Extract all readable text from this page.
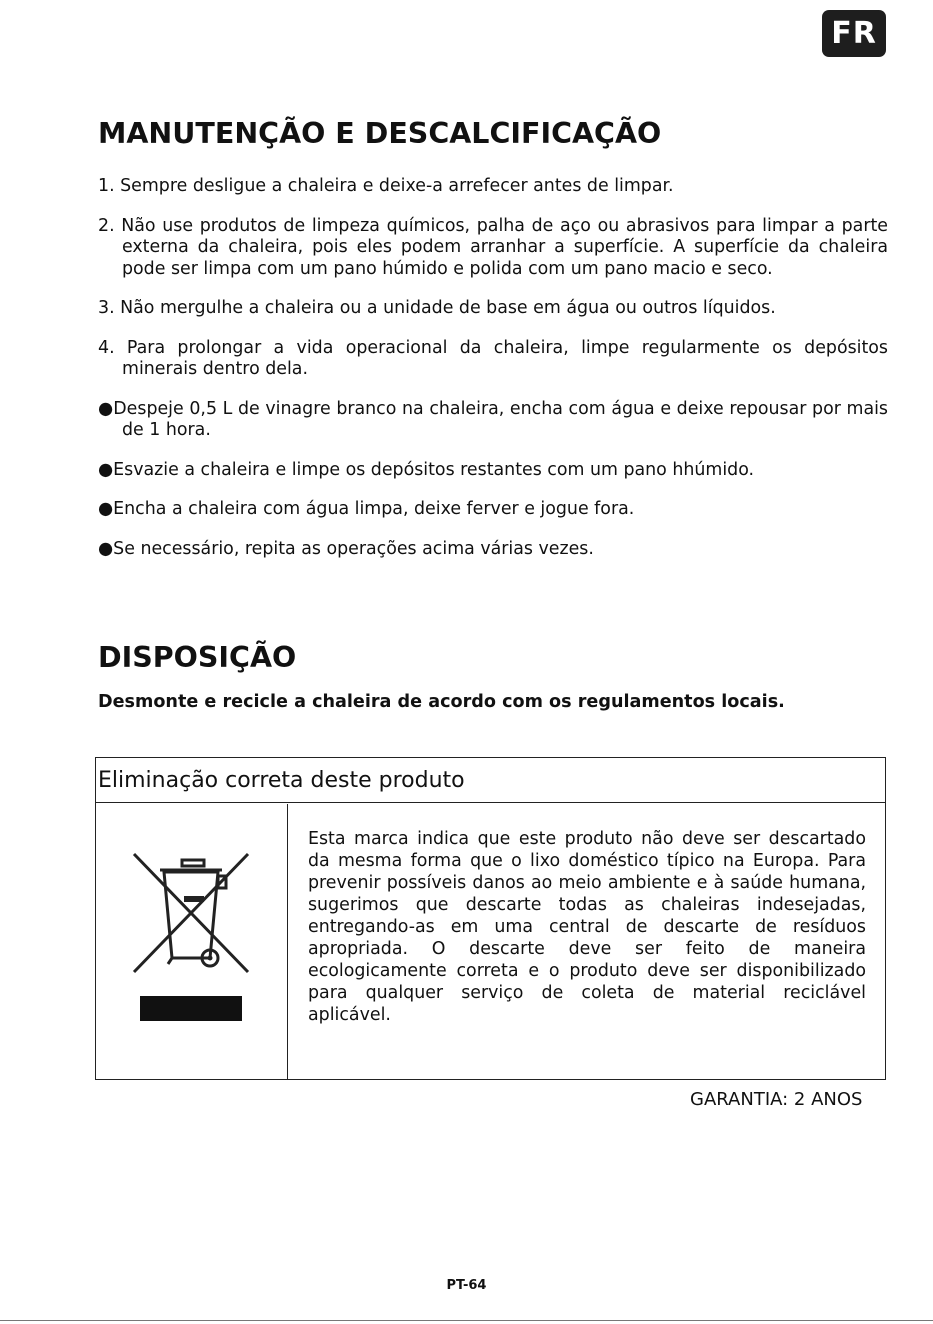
FR
MANUTENÇÃO E DESCALCIFICAÇÃO
1. Sempre desligue a chaleira e deixe-a arrefecer antes de limpar.
2. Não use produtos de limpeza químicos, palha de aço ou abrasivos para limpar a parte externa da chaleira, pois eles podem arranhar a superfície. A superfície da chaleira pode ser limpa com um pano húmido e polida com um pano macio e seco.
3. Não mergulhe a chaleira ou a unidade de base em água ou outros líquidos.
4. Para prolongar a vida operacional da chaleira, limpe regularmente os depósitos minerais dentro dela.
●Despeje 0,5 L de vinagre branco na chaleira, encha com água e deixe repousar por mais de 1 hora.
●Esvazie a chaleira e limpe os depósitos restantes com um pano hhúmido.
●Encha a chaleira com água limpa, deixe ferver e jogue fora.
●Se necessário, repita as operações acima várias vezes.
DISPOSIÇÃO

Desmonte e recicle a chaleira de acordo com os regulamentos locais.

Eliminação correta deste produto

Esta marca indica que este produto não deve ser descartado da mesma forma que o lixo doméstico típico na Europa. Para prevenir possíveis danos ao meio ambiente e à saúde humana, sugerimos que descarte todas as chaleiras indesejadas, entregando-as em uma central de descarte de resíduos apropriada. O descarte deve ser feito de maneira ecologicamente correta e o produto deve ser disponibilizado para qualquer serviço de coleta de material reciclável aplicável.

GARANTIA: 2 ANOS
PT-64
